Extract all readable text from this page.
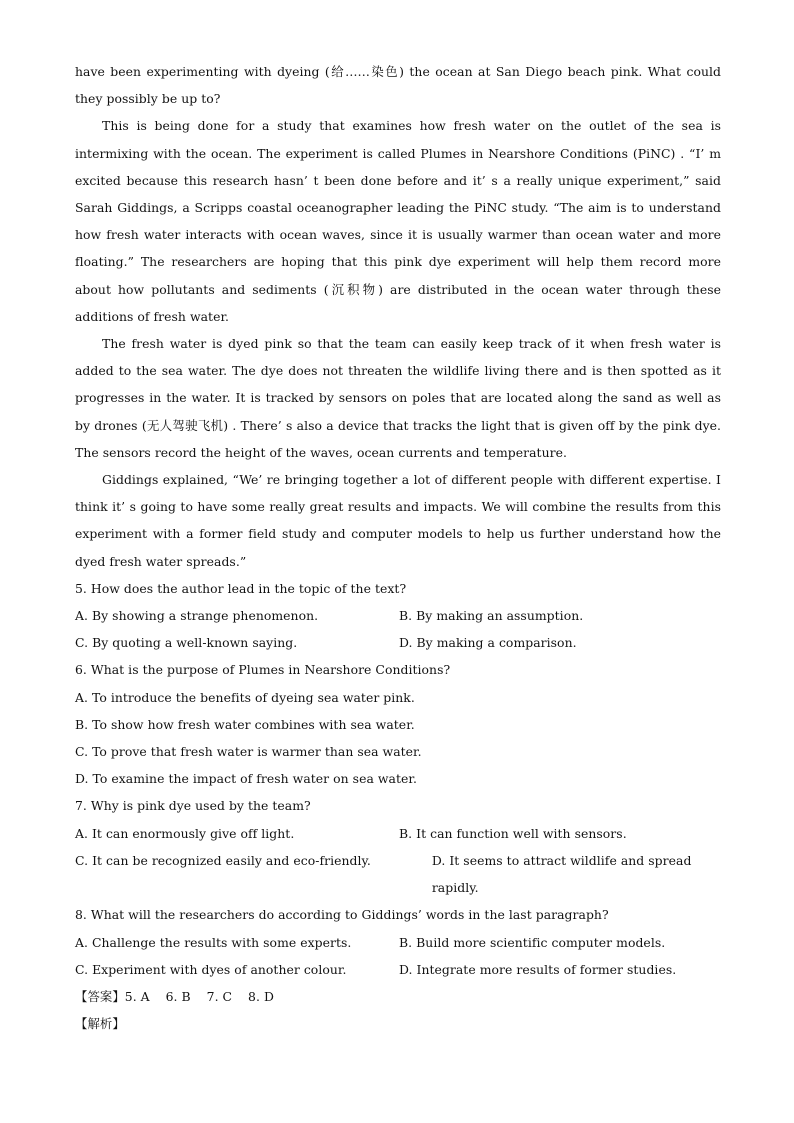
have been experimenting with dyeing (给……染色) the ocean at San Diego beach pink. What could they possibly be up to?

This is being done for a study that examines how fresh water on the outlet of the sea is intermixing with the ocean. The experiment is called Plumes in Nearshore Conditions (PiNC) . “I’ m excited because this research hasn’ t been done before and it’ s a really unique experiment,” said Sarah Giddings, a Scripps coastal oceanographer leading the PiNC study. “The aim is to understand how fresh water interacts with ocean waves, since it is usually warmer than ocean water and more floating.” The researchers are hoping that this pink dye experiment will help them record more about how pollutants and sediments (沉积物) are distributed in the ocean water through these additions of fresh water.

The fresh water is dyed pink so that the team can easily keep track of it when fresh water is added to the sea water. The dye does not threaten the wildlife living there and is then spotted as it progresses in the water. It is tracked by sensors on poles that are located along the sand as well as by drones (无人驾驶飞机) . There’ s also a device that tracks the light that is given off by the pink dye. The sensors record the height of the waves, ocean currents and temperature.

Giddings explained, “We’ re bringing together a lot of different people with different expertise. I think it’ s going to have some really great results and impacts. We will combine the results from this experiment with a former field study and computer models to help us further understand how the dyed fresh water spreads.”

5. How does the author lead in the topic of the text?

A. By showing a strange phenomenon.	B. By making an assumption.
C. By quoting a well-known saying.	D. By making a comparison.

6. What is the purpose of Plumes in Nearshore Conditions?

A. To introduce the benefits of dyeing sea water pink.

B. To show how fresh water combines with sea water.

C. To prove that fresh water is warmer than sea water.

D. To examine the impact of fresh water on sea water.

7. Why is pink dye used by the team?

A. It can enormously give off light.	B. It can function well with sensors.
C. It can be recognized easily and eco-friendly.	D. It seems to attract wildlife and spread rapidly.

8. What will the researchers do according to Giddings’ words in the last paragraph?

A. Challenge the results with some experts.	B. Build more scientific computer models.
C. Experiment with dyes of another colour.	D. Integrate more results of former studies.

【答案】5. A    6. B    7. C    8. D

【解析】
